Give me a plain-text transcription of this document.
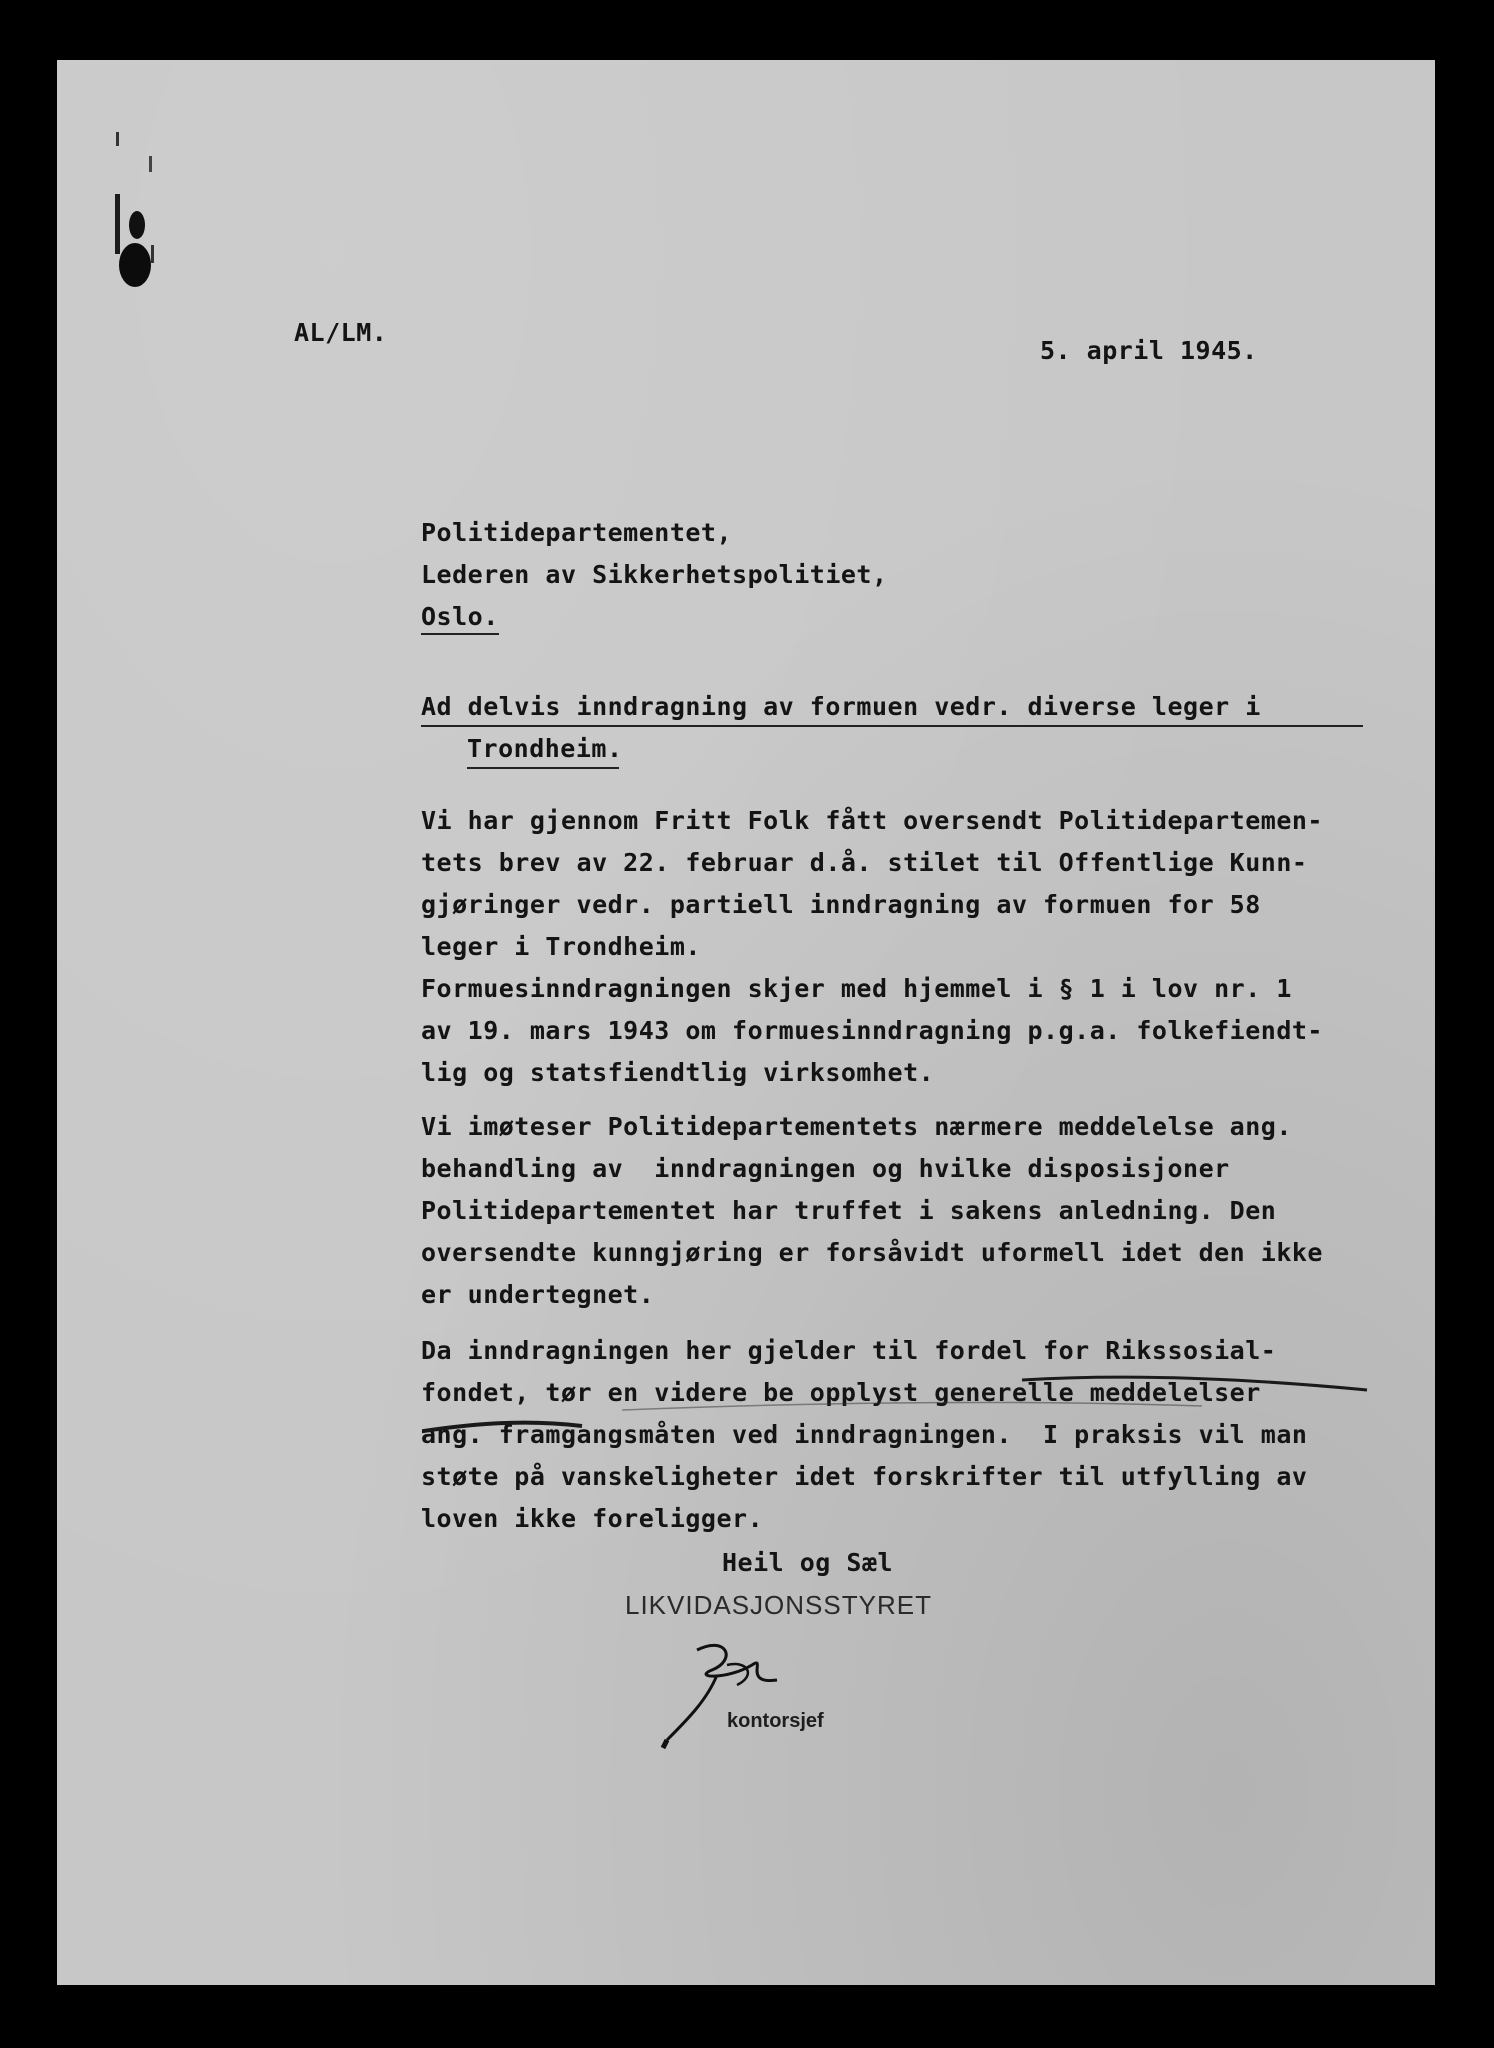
AL/LM.
5. april 1945.
Politidepartementet,
Lederen av Sikkerhetspolitiet,
Oslo.
Ad delvis inndragning av formuen vedr. diverse leger i
Trondheim.
Vi har gjennom Fritt Folk fått oversendt Politidepartemen-
tets brev av 22. februar d.å. stilet til Offentlige Kunn-
gjøringer vedr. partiell inndragning av formuen for 58
leger i Trondheim.
Formuesinndragningen skjer med hjemmel i § 1 i lov nr. 1
av 19. mars 1943 om formuesinndragning p.g.a. folkefiendt-
lig og statsfiendtlig virksomhet.
Vi imøteser Politidepartementets nærmere meddelelse ang.
behandling av  inndragningen og hvilke disposisjoner
Politidepartementet har truffet i sakens anledning. Den
oversendte kunngjøring er forsåvidt uformell idet den ikke
er undertegnet.
Da inndragningen her gjelder til fordel for Rikssosial-
fondet, tør en videre be opplyst generelle meddelelser
ang. framgangsmåten ved inndragningen.  I praksis vil man
støte på vanskeligheter idet forskrifter til utfylling av
loven ikke foreligger.
Heil og Sæl
LIKVIDASJONSSTYRET
kontorsjef
